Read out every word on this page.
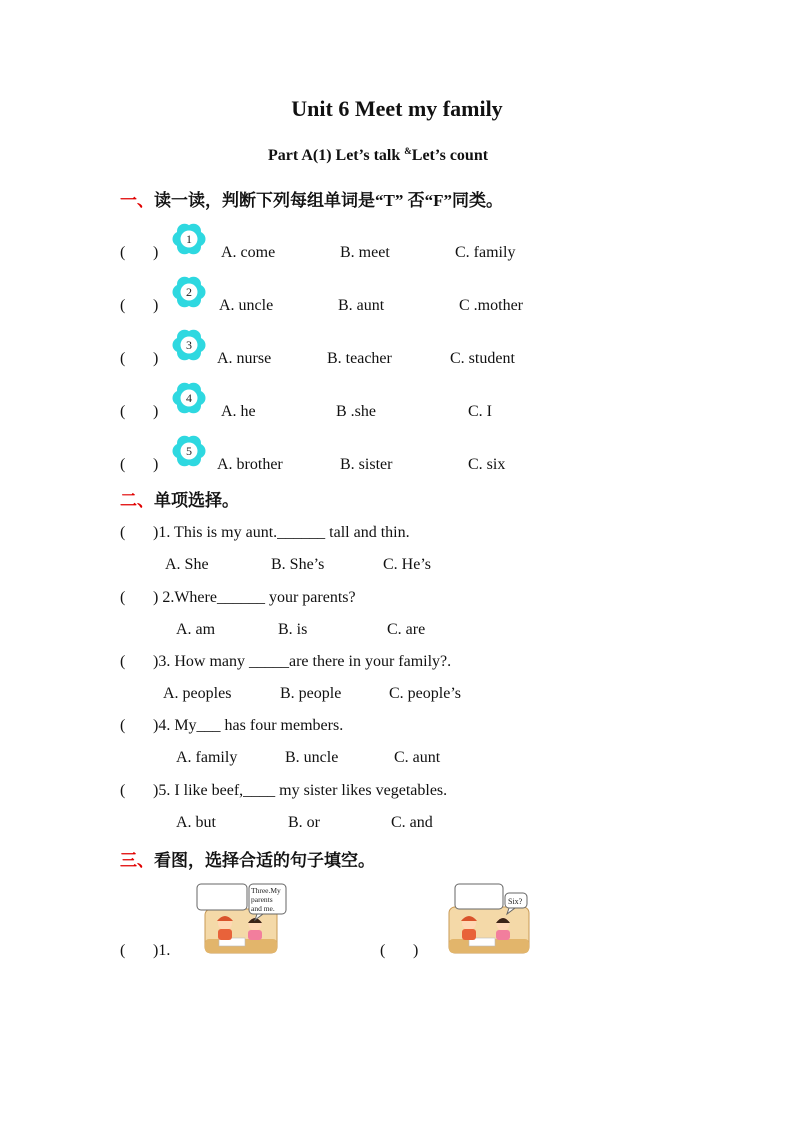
Unit 6 Meet my family
Part A(1) Let’s talk &Let’s count
一、读一读，判断下列每组单词是“T” 否“F”同类。
( )
1
A. come	B. meet	C. family
( )
2
A. uncle	B. aunt	C .mother
( )
3
A. nurse	B. teacher	C. student
( )
4
A. he	B .she	C. I
( )
5
A. brother	B. sister	C. six
二、单项选择。
( )1. This is my aunt.______ tall and thin.
A. She	B. She’s	C. He’s
( ) 2.Where______ your parents?
A. am	B. is	C. are
( )3. How many _____are there in your family?.
A. peoples	B. people	C. people’s
( )4. My___ has four members.
A. family	B. uncle	C. aunt
( )5. I like beef,____ my sister likes vegetables.
A. but	B. or	C. and
三、看图，选择合适的句子填空。
( )1.
Three.My
parents
and me.
( )
Six?
